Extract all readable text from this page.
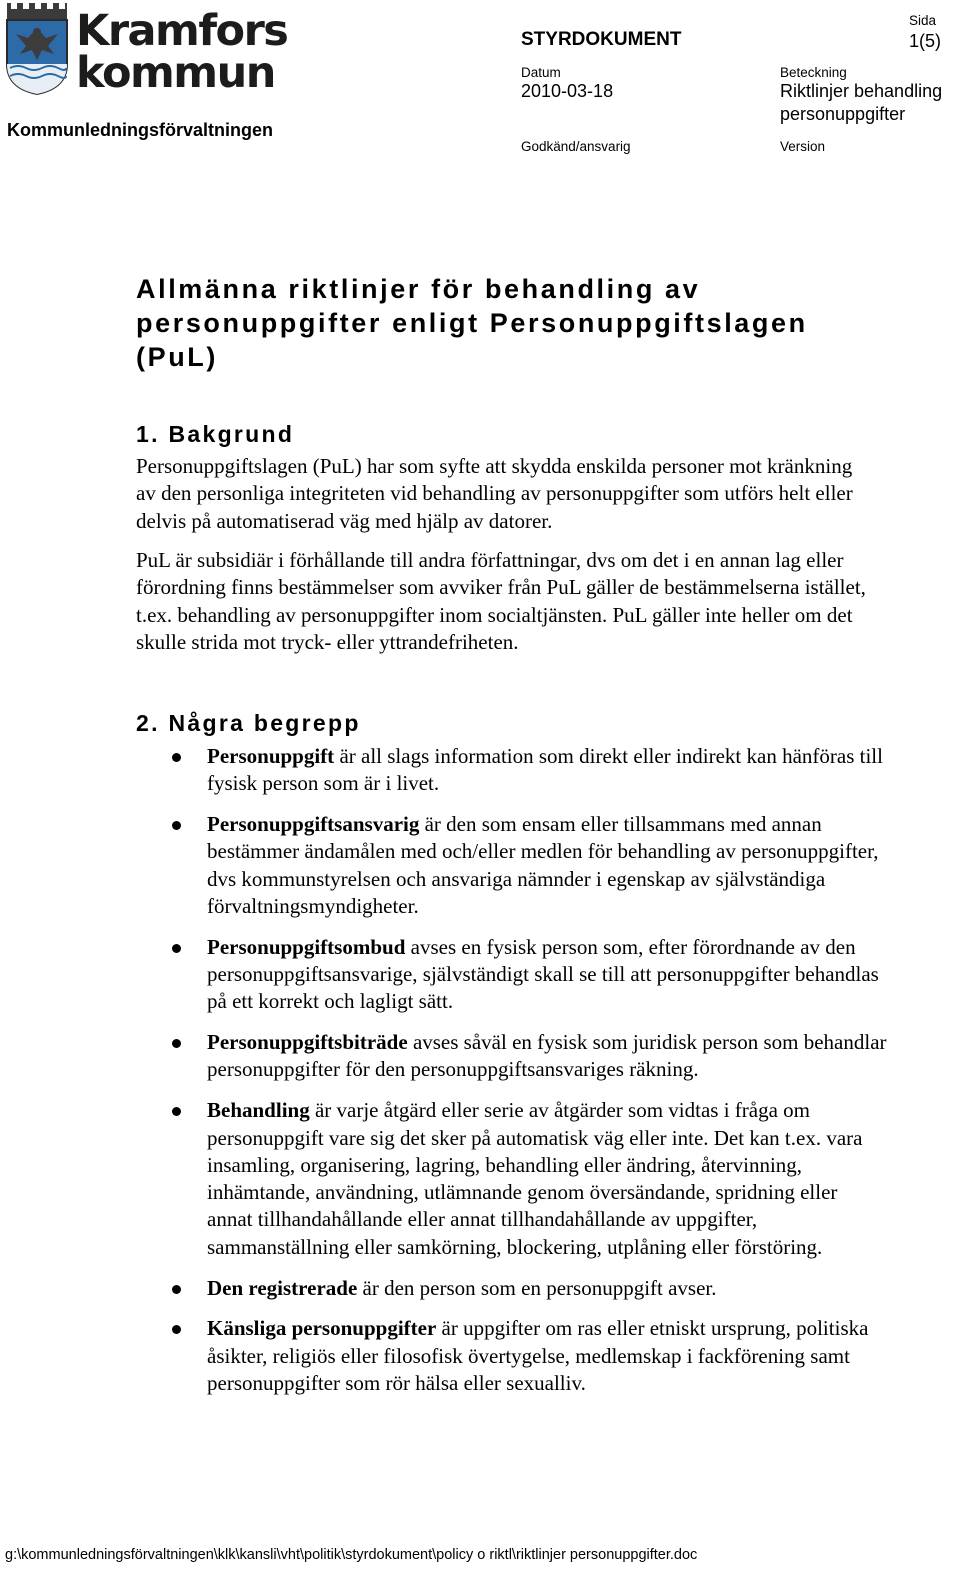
Kramfors
kommun
Kommunledningsförvaltningen
STYRDOKUMENT
Sida
1(5)
Datum
2010-03-18
Beteckning
Riktlinjer behandling personuppgifter
Godkänd/ansvarig	Version
Allmänna riktlinjer för behandling av personuppgifter enligt Personuppgiftslagen (PuL)
1. Bakgrund

Personuppgiftslagen (PuL) har som syfte att skydda enskilda personer mot kränkning av den personliga integriteten vid behandling av personuppgifter som utförs helt eller delvis på automatiserad väg med hjälp av datorer.

PuL är subsidiär i förhållande till andra författningar, dvs om det i en annan lag eller förordning finns bestämmelser som avviker från PuL gäller de bestämmelserna istället, t.ex. behandling av personuppgifter inom socialtjänsten. PuL gäller inte heller om det skulle strida mot tryck- eller yttrandefriheten.

2. Några begrepp
Personuppgift är all slags information som direkt eller indirekt kan hänföras till fysisk person som är i livet.
Personuppgiftsansvarig är den som ensam eller tillsammans med annan bestämmer ändamålen med och/eller medlen för behandling av personuppgifter, dvs kommunstyrelsen och ansvariga nämnder i egenskap av självständiga förvaltningsmyndigheter.
Personuppgiftsombud avses en fysisk person som, efter förordnande av den personuppgiftsansvarige, självständigt skall se till att personuppgifter behandlas på ett korrekt och lagligt sätt.
Personuppgiftsbiträde avses såväl en fysisk som juridisk person som behandlar personuppgifter för den personuppgiftsansvariges räkning.
Behandling är varje åtgärd eller serie av åtgärder som vidtas i fråga om personuppgift vare sig det sker på automatisk väg eller inte. Det kan t.ex. vara insamling, organisering, lagring, behandling eller ändring, återvinning, inhämtande, användning, utlämnande genom översändande, spridning eller annat tillhandahållande eller annat tillhandahållande av uppgifter, sammanställning eller samkörning, blockering, utplåning eller förstöring.
Den registrerade är den person som en personuppgift avser.
Känsliga personuppgifter är uppgifter om ras eller etniskt ursprung, politiska åsikter, religiös eller filosofisk övertygelse, medlemskap i fackförening samt personuppgifter som rör hälsa eller sexualliv.
g:\kommunledningsförvaltningen\klk\kansli\vht\politik\styrdokument\policy o riktl\riktlinjer personuppgifter.doc
